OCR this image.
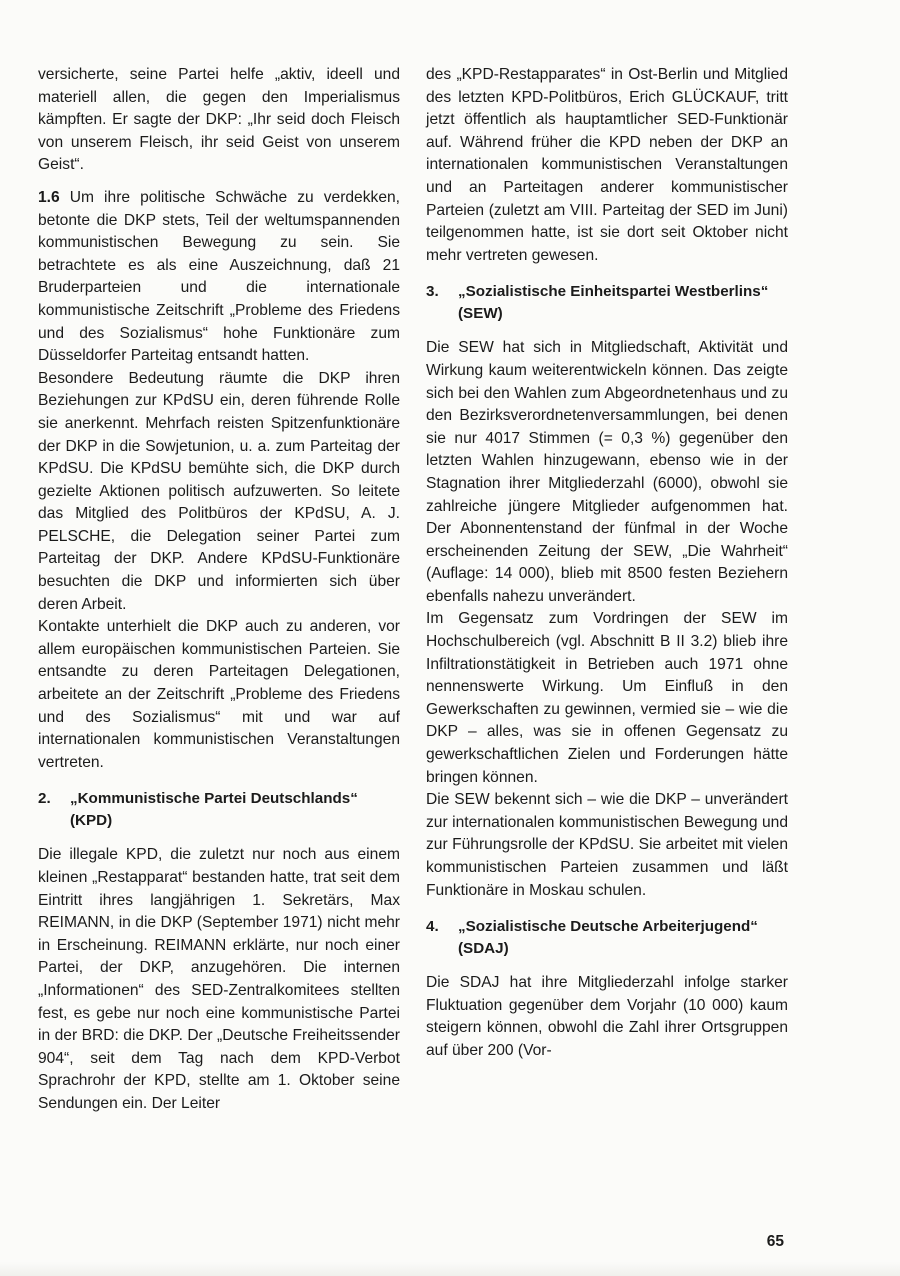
versicherte, seine Partei helfe „aktiv, ideell und materiell allen, die gegen den Imperialismus kämpften. Er sagte der DKP: „Ihr seid doch Fleisch von unserem Fleisch, ihr seid Geist von unserem Geist“.

1.6 Um ihre politische Schwäche zu verdekken, betonte die DKP stets, Teil der weltumspannenden kommunistischen Bewegung zu sein. Sie betrachtete es als eine Auszeichnung, daß 21 Bruderparteien und die internationale kommunistische Zeitschrift „Probleme des Friedens und des Sozialismus“ hohe Funktionäre zum Düsseldorfer Parteitag entsandt hatten.

Besondere Bedeutung räumte die DKP ihren Beziehungen zur KPdSU ein, deren führende Rolle sie anerkennt. Mehrfach reisten Spitzenfunktionäre der DKP in die Sowjetunion, u. a. zum Parteitag der KPdSU. Die KPdSU bemühte sich, die DKP durch gezielte Aktionen politisch aufzuwerten. So leitete das Mitglied des Politbüros der KPdSU, A. J. PELSCHE, die Delegation seiner Partei zum Parteitag der DKP. Andere KPdSU-Funktionäre besuchten die DKP und informierten sich über deren Arbeit.

Kontakte unterhielt die DKP auch zu anderen, vor allem europäischen kommunistischen Parteien. Sie entsandte zu deren Parteitagen Delegationen, arbeitete an der Zeitschrift „Probleme des Friedens und des Sozialismus“ mit und war auf internationalen kommunistischen Veranstaltungen vertreten.

2.	„Kommunistische Partei Deutschlands“ (KPD)

Die illegale KPD, die zuletzt nur noch aus einem kleinen „Restapparat“ bestanden hatte, trat seit dem Eintritt ihres langjährigen 1. Sekretärs, Max REIMANN, in die DKP (September 1971) nicht mehr in Erscheinung. REIMANN erklärte, nur noch einer Partei, der DKP, anzugehören. Die internen „Informationen“ des SED-Zentralkomitees stellten fest, es gebe nur noch eine kommunistische Partei in der BRD: die DKP. Der „Deutsche Freiheitssender 904“, seit dem Tag nach dem KPD-Verbot Sprachrohr der KPD, stellte am 1. Oktober seine Sendungen ein. Der Leiter

des „KPD-Restapparates“ in Ost-Berlin und Mitglied des letzten KPD-Politbüros, Erich GLÜCKAUF, tritt jetzt öffentlich als hauptamtlicher SED-Funktionär auf. Während früher die KPD neben der DKP an internationalen kommunistischen Veranstaltungen und an Parteitagen anderer kommunistischer Parteien (zuletzt am VIII. Parteitag der SED im Juni) teilgenommen hatte, ist sie dort seit Oktober nicht mehr vertreten gewesen.

3.	„Sozialistische Einheitspartei Westberlins“ (SEW)

Die SEW hat sich in Mitgliedschaft, Aktivität und Wirkung kaum weiterentwickeln können. Das zeigte sich bei den Wahlen zum Abgeordnetenhaus und zu den Bezirksverordnetenversammlungen, bei denen sie nur 4017 Stimmen (= 0,3 %) gegenüber den letzten Wahlen hinzugewann, ebenso wie in der Stagnation ihrer Mitgliederzahl (6000), obwohl sie zahlreiche jüngere Mitglieder aufgenommen hat. Der Abonnentenstand der fünfmal in der Woche erscheinenden Zeitung der SEW, „Die Wahrheit“ (Auflage: 14 000), blieb mit 8500 festen Beziehern ebenfalls nahezu unverändert.

Im Gegensatz zum Vordringen der SEW im Hochschulbereich (vgl. Abschnitt B II 3.2) blieb ihre Infiltrationstätigkeit in Betrieben auch 1971 ohne nennenswerte Wirkung. Um Einfluß in den Gewerkschaften zu gewinnen, vermied sie – wie die DKP – alles, was sie in offenen Gegensatz zu gewerkschaftlichen Zielen und Forderungen hätte bringen können.

Die SEW bekennt sich – wie die DKP – unverändert zur internationalen kommunistischen Bewegung und zur Führungsrolle der KPdSU. Sie arbeitet mit vielen kommunistischen Parteien zusammen und läßt Funktionäre in Moskau schulen.

4.	„Sozialistische Deutsche Arbeiterjugend“ (SDAJ)

Die SDAJ hat ihre Mitgliederzahl infolge starker Fluktuation gegenüber dem Vorjahr (10 000) kaum steigern können, obwohl die Zahl ihrer Ortsgruppen auf über 200 (Vor-

65
